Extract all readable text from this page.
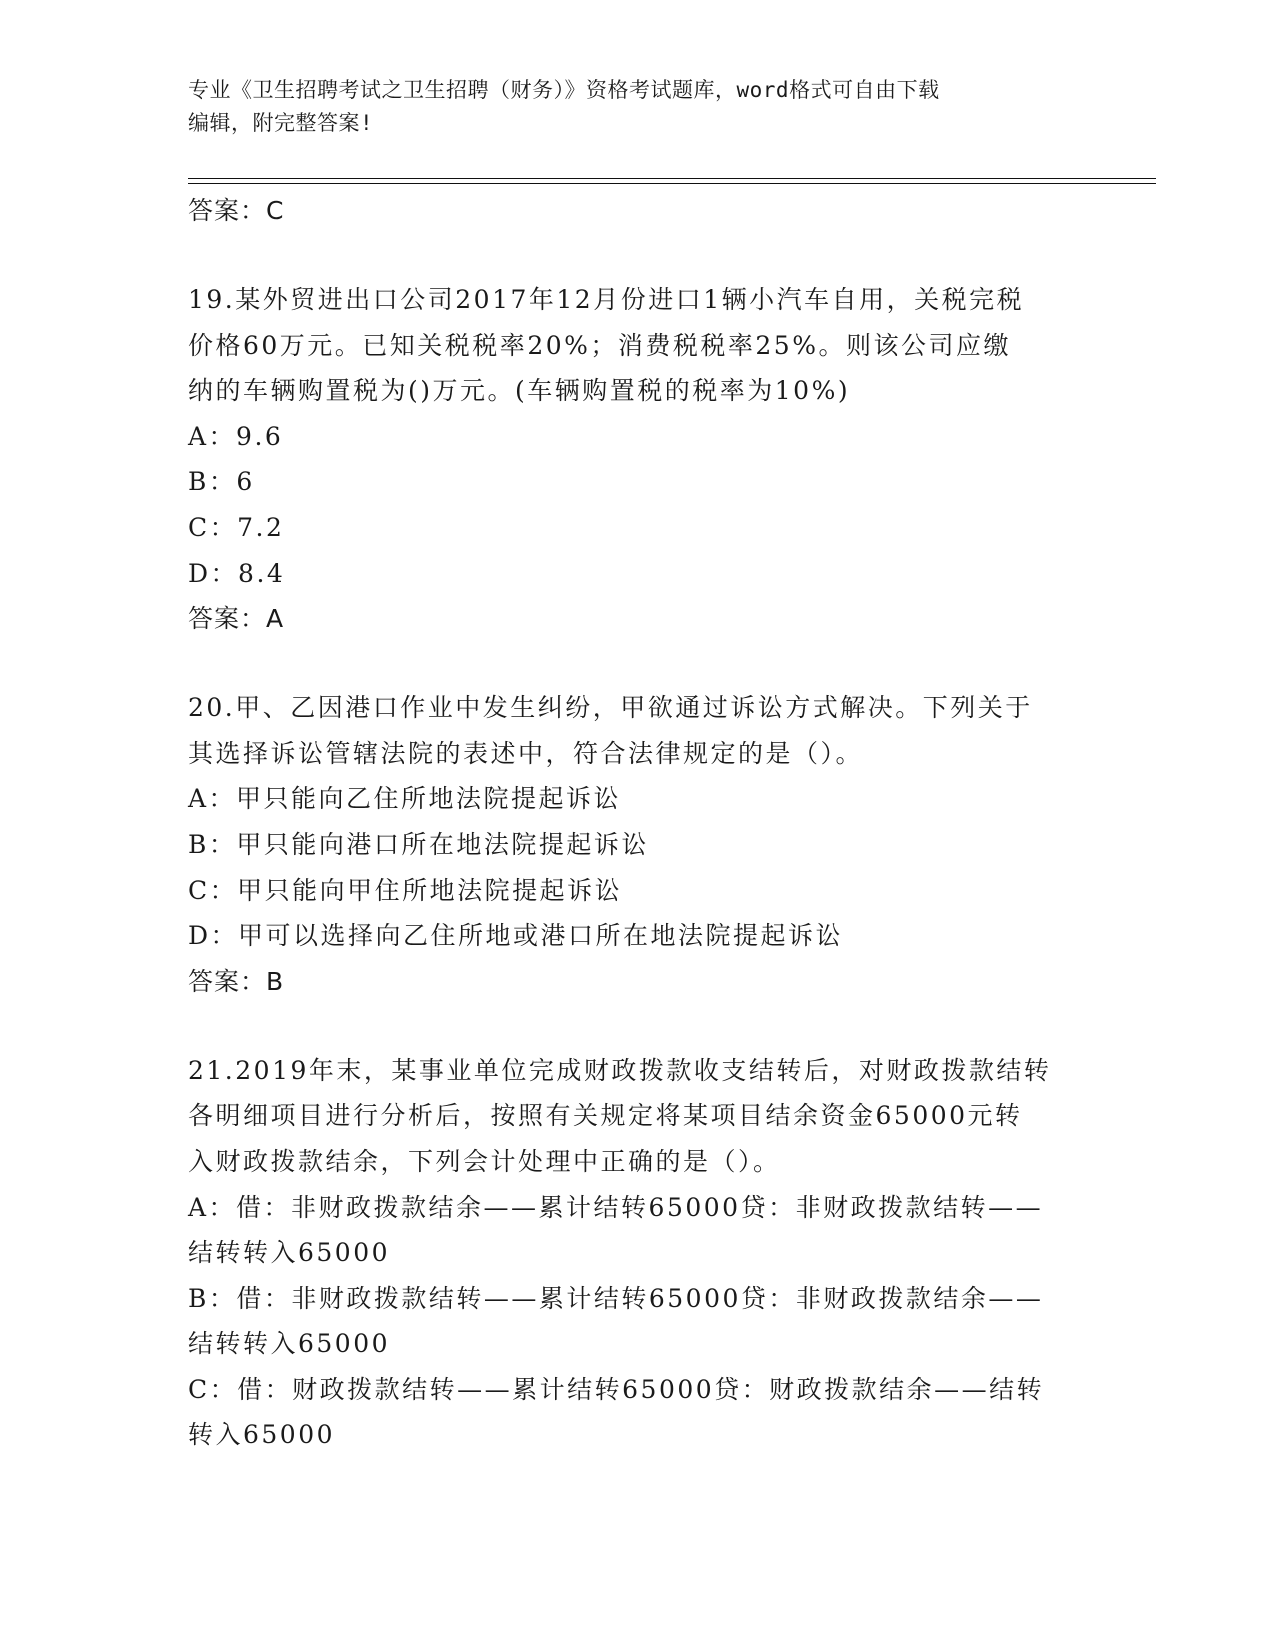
专业《卫生招聘考试之卫生招聘（财务）》资格考试题库，word格式可自由下载
编辑，附完整答案!
答案：C
19.某外贸进出口公司2017年12月份进口1辆小汽车自用，关税完税
价格60万元。已知关税税率20%；消费税税率25%。则该公司应缴
纳的车辆购置税为()万元。(车辆购置税的税率为10%)
A：9.6
B：6
C：7.2
D：8.4
答案：A
20.甲、乙因港口作业中发生纠纷，甲欲通过诉讼方式解决。下列关于
其选择诉讼管辖法院的表述中，符合法律规定的是（）。
A：甲只能向乙住所地法院提起诉讼
B：甲只能向港口所在地法院提起诉讼
C：甲只能向甲住所地法院提起诉讼
D：甲可以选择向乙住所地或港口所在地法院提起诉讼
答案：B
21.2019年末，某事业单位完成财政拨款收支结转后，对财政拨款结转
各明细项目进行分析后，按照有关规定将某项目结余资金65000元转
入财政拨款结余，下列会计处理中正确的是（）。
A：借：非财政拨款结余——累计结转65000贷：非财政拨款结转——
结转转入65000
B：借：非财政拨款结转——累计结转65000贷：非财政拨款结余——
结转转入65000
C：借：财政拨款结转——累计结转65000贷：财政拨款结余——结转
转入65000
